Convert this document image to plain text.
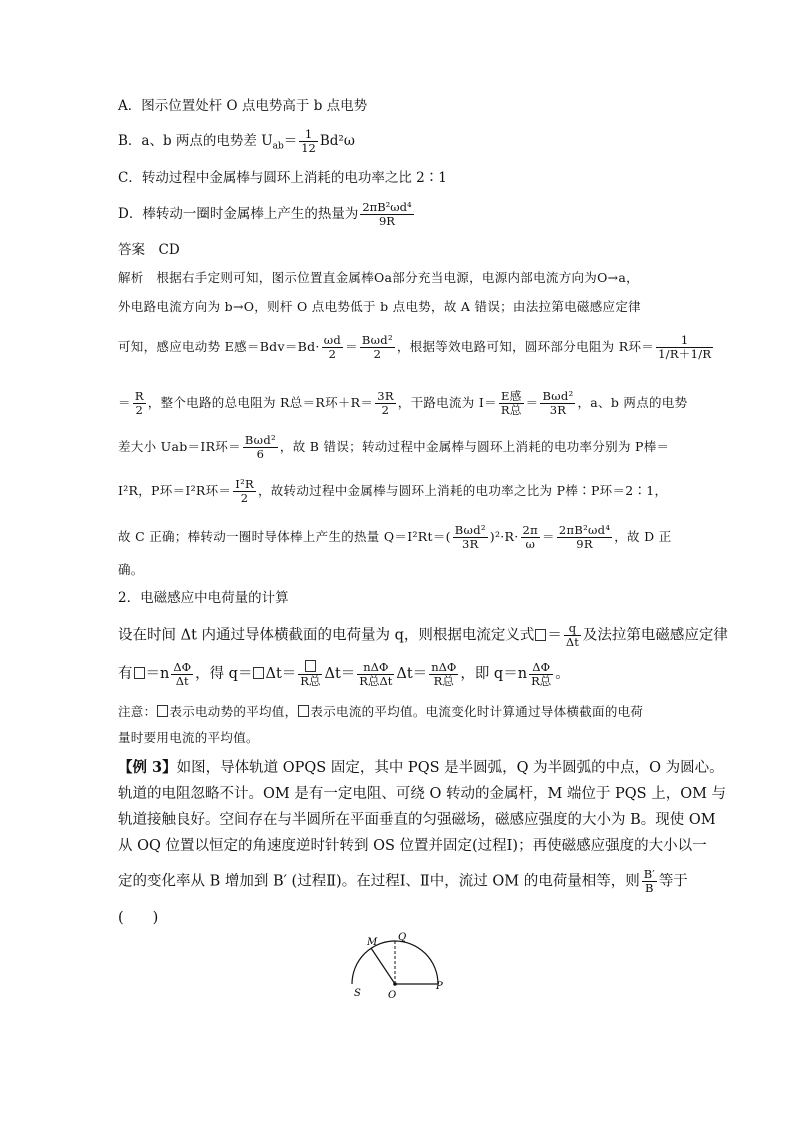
A．图示位置处杆 O 点电势高于 b 点电势
B．a、b 两点的电势差 $U_{ab}= \frac{1}{12} Bd^2\omega$
C．转动过程中金属棒与圆环上消耗的电功率之比 2∶1
D．棒转动一圈时金属棒上产生的热量为 $\frac{\text{2πB²ωd⁴}}{9R}$
答案　CD
解析　根据右手定则可知，图示位置直金属棒Oa部分充当电源，电源内部电流方向为O→a，
外电路电流方向为 b→O，则杆 O 点电势低于 b 点电势，故 A 错误；由法拉第电磁感应定律
可知，感应电动势 E感$=Bdv=Bd\cdot \frac{\omega d}{2} = \frac{\text{Bωd²}}{2}$ ，根据等效电路可知，圆环部分电阻为 R环＝ $\frac{1}{1/R+1/R}$
＝ $\frac{R}{2}$ ，整个电路的总电阻为 R总＝R环$+R= \frac{3R}{2}$ ，干路电流为 $I= \frac{\text{E感}}{\text{R总}} = \frac{\text{Bωd²}}{3R}$ ，a、b 两点的电势
差大小 Uab＝IR环＝ $\frac{\text{Bωd²}}{6}$ ，故 B 错误；转动过程中金属棒与圆环上消耗的电功率分别为 P棒＝
I²R，P环＝I²R环＝ $\frac{\text{I²R}}{2}$ ，故转动过程中金属棒与圆环上消耗的电功率之比为 P棒∶P环＝2∶1，
故 C 正确；棒转动一圈时导体棒上产生的热量 $Q=I^2Rt=( \frac{\text{Bωd²}}{3R} )^2\cdot R\cdot \frac{2\pi}{\omega} = \frac{\text{2πB²ωd⁴}}{9R}$ ，故 D 正
确。
2．电磁感应中电荷量的计算
设在时间 Δt 内通过导体横截面的电荷量为 q，则根据电流定义式 ＝ $\frac{q}{\Delta t}$ 及法拉第电磁感应定律
有 $=n \frac{\Delta\Phi}{\Delta t}$ ，得 q＝ Δt＝ R总 $\Delta t= \frac{\text{nΔΦ}}{\text{R总Δt}} \Delta t= \frac{\text{nΔΦ}}{\text{R总}}$ ，即 $q=n \frac{\Delta\Phi}{\text{R总}}$ 。
注意： 表示电动势的平均值， 表示电流的平均值。电流变化时计算通过导体横截面的电荷
量时要用电流的平均值。
【例 3】如图，导体轨道 OPQS 固定，其中 PQS 是半圆弧，Q 为半圆弧的中点，O 为圆心。
轨道的电阻忽略不计。OM 是有一定电阻、可绕 O 转动的金属杆，M 端位于 PQS 上，OM 与
轨道接触良好。空间存在与半圆所在平面垂直的匀强磁场，磁感应强度的大小为 B。现使 OM
从 OQ 位置以恒定的角速度逆时针转到 OS 位置并固定(过程Ⅰ)；再使磁感应强度的大小以一
定的变化率从 B 增加到 B′ (过程Ⅱ)。在过程Ⅰ、Ⅱ中，流过 OM 的电荷量相等，则 $\frac{B'}{B}$ 等于
(　　)
M Q
S	O
P
